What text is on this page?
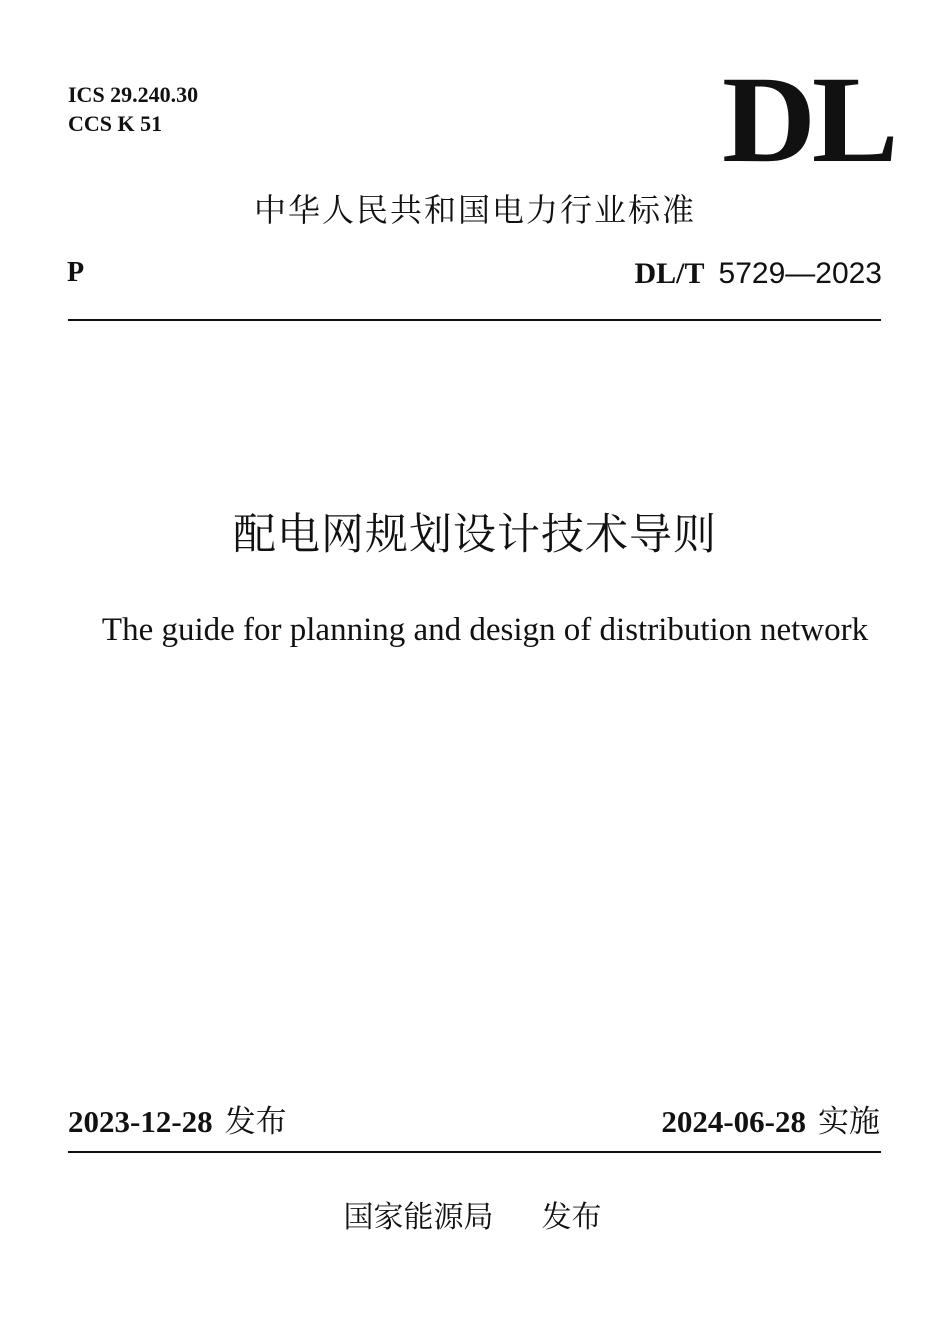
ICS 29.240.30
CCS K 51	DL
中华人民共和国电力行业标准
P	DL/T 5729—2023
配电网规划设计技术导则
The guide for planning and design of distribution network
2023-12-28 发布	2024-06-28 实施
国家能源局 发布
